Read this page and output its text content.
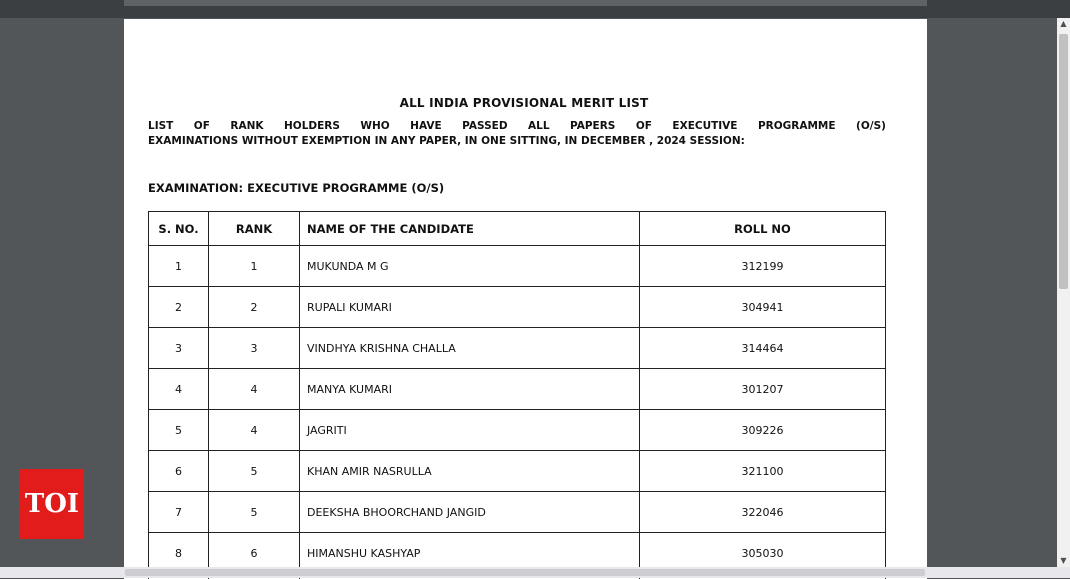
ALL INDIA PROVISIONAL MERIT LIST
LIST OF RANK HOLDERS WHO HAVE PASSED ALL PAPERS OF EXECUTIVE PROGRAMME (O/S)
EXAMINATIONS WITHOUT EXEMPTION IN ANY PAPER, IN ONE SITTING, IN DECEMBER , 2024 SESSION:
EXAMINATION: EXECUTIVE PROGRAMME (O/S)
S. NO.	RANK	NAME OF THE CANDIDATE	ROLL NO
1	1	MUKUNDA M G	312199
2	2	RUPALI KUMARI	304941
3	3	VINDHYA KRISHNA CHALLA	314464
4	4	MANYA KUMARI	301207
5	4	JAGRITI	309226
6	5	KHAN AMIR NASRULLA	321100
7	5	DEEKSHA BHOORCHAND JANGID	322046
8	6	HIMANSHU KASHYAP	305030

TOI
▲
▼
